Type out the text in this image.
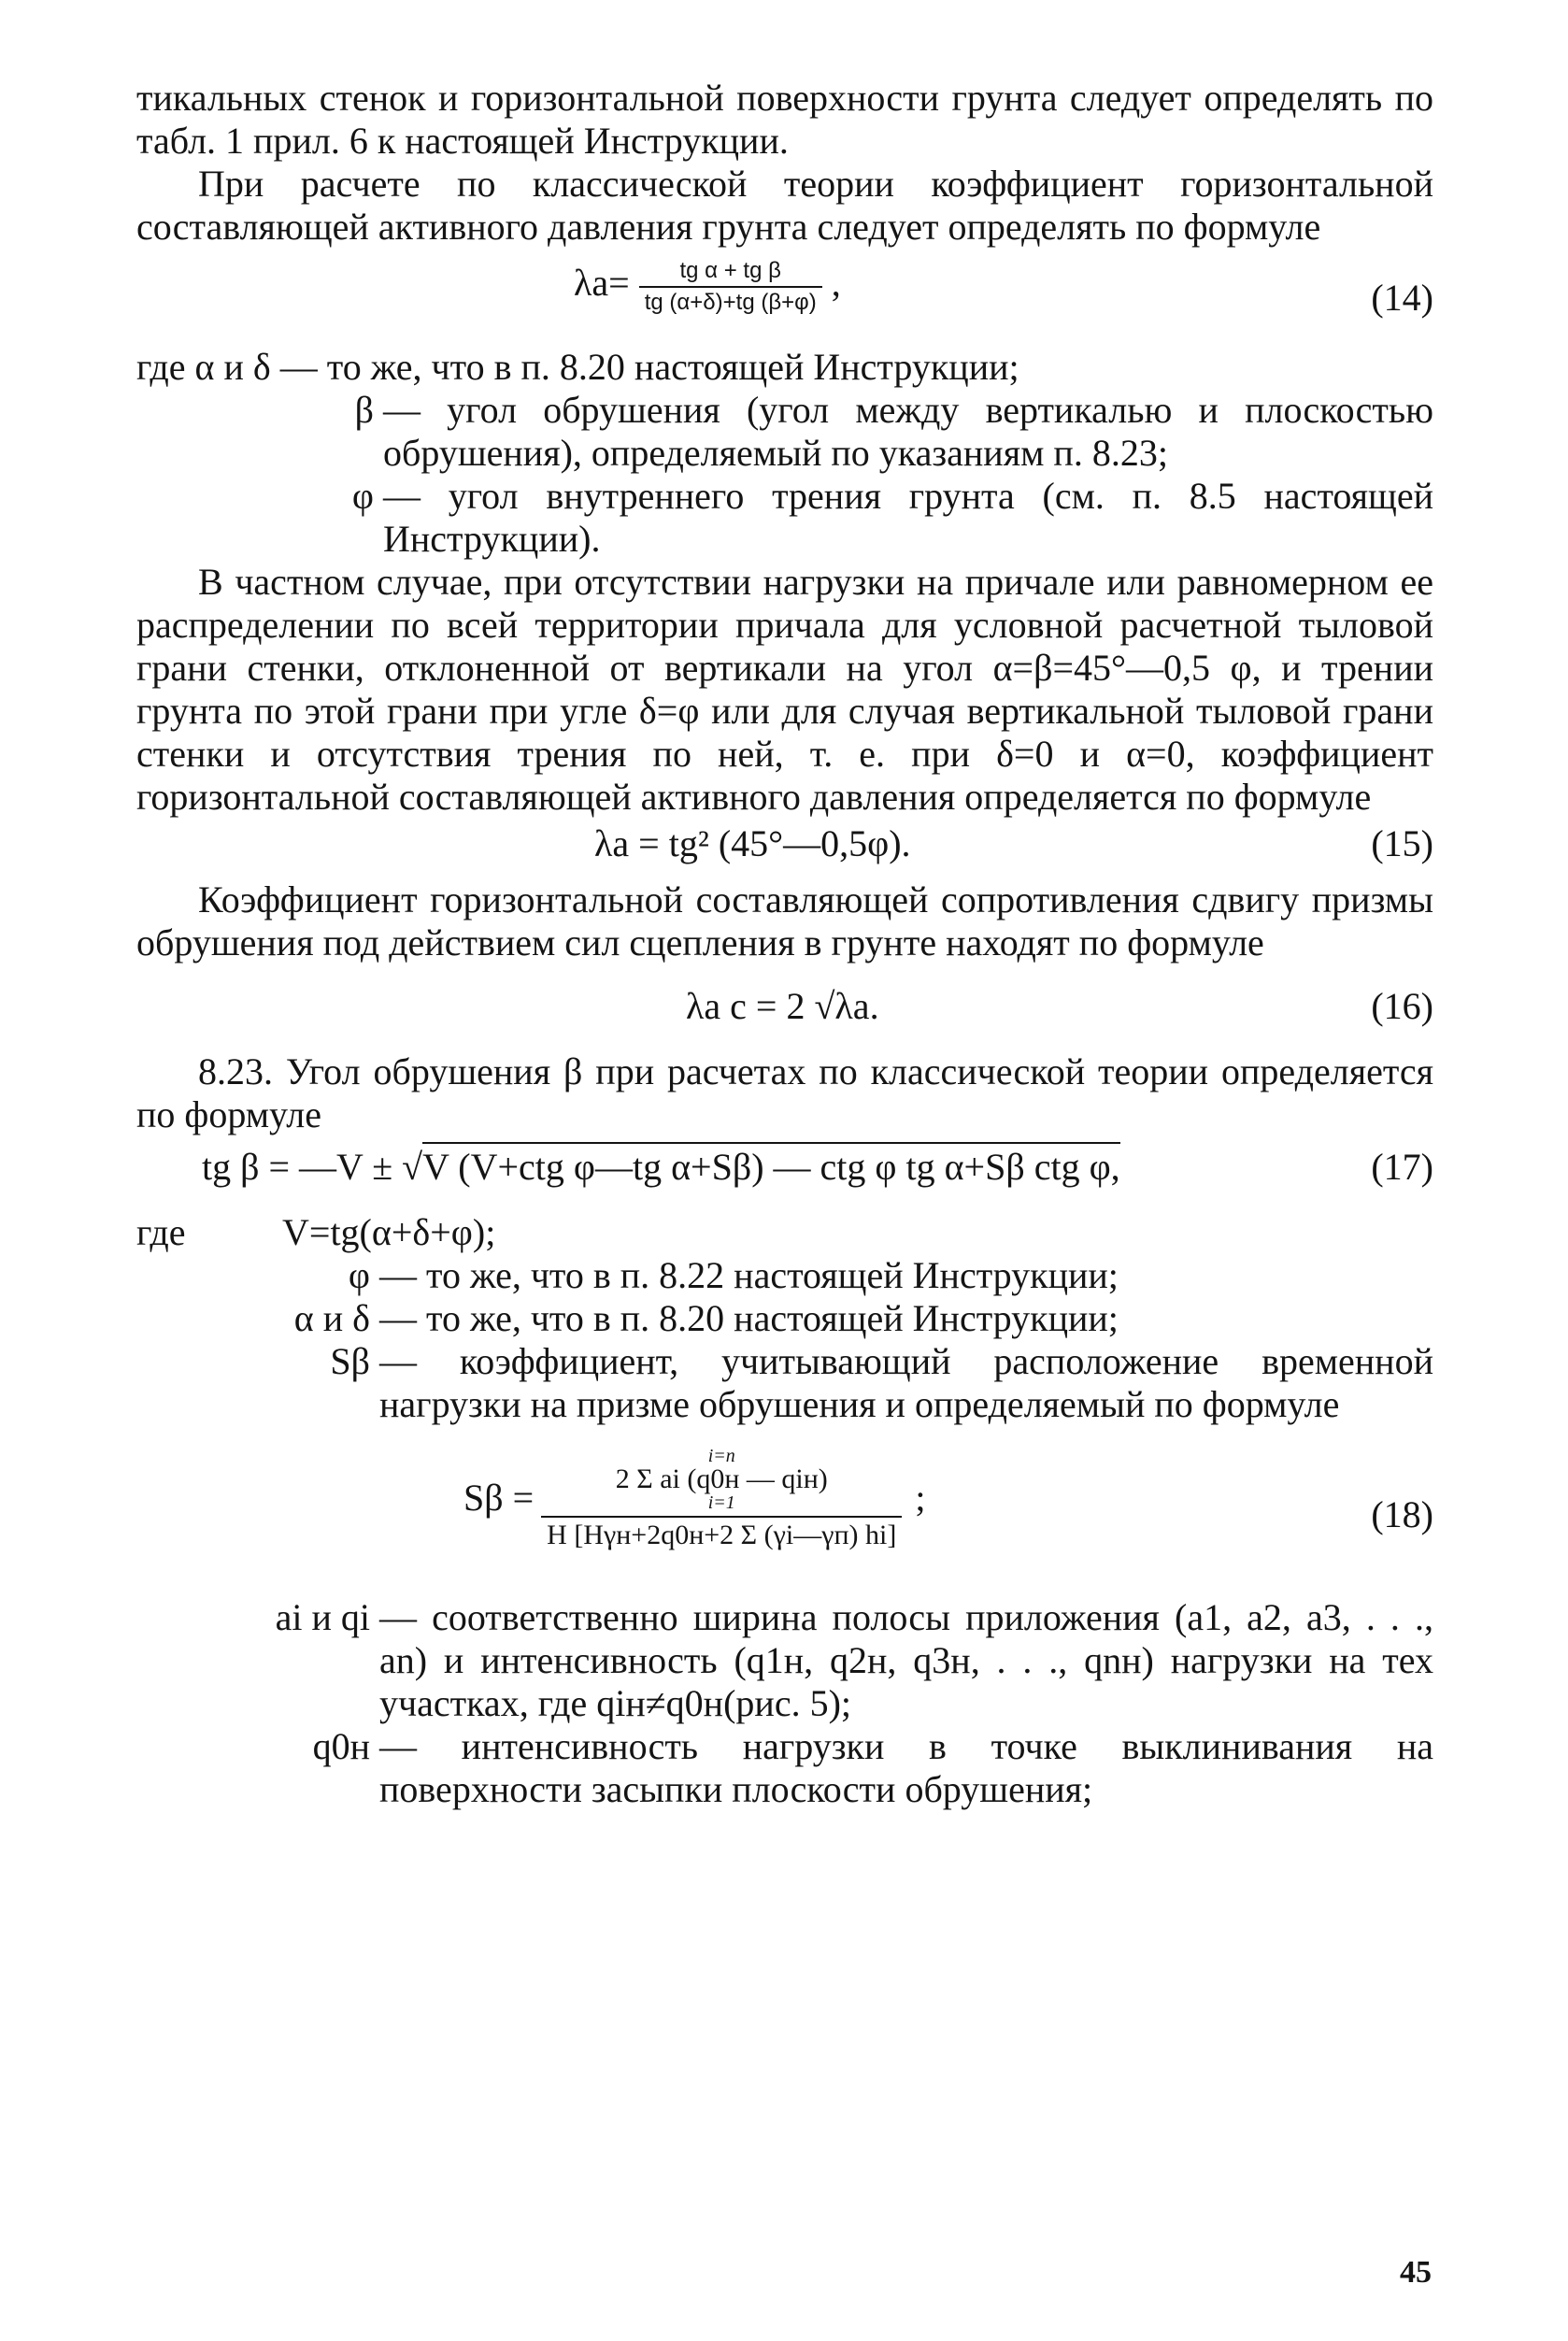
тикальных стенок и горизонтальной поверхности грунта следует определять по табл. 1 прил. 6 к настоящей Инструкции.

При расчете по классической теории коэффициент горизонтальной составляющей активного давления грунта следует определять по формуле

$\lambda a= \frac{\text{tg α + tg β}}{tg (\alpha+\delta)+tg (\beta+\varphi)}$ ,	(14)
где α и δ — то же, что в п. 8.20 настоящей Инструкции;
β — угол обрушения (угол между вертикалью и плоскостью обрушения), определяемый по указаниям п. 8.23;
φ — угол внутреннего трения грунта (см. п. 8.5 настоящей Инструкции).

В частном случае, при отсутствии нагрузки на причале или равномерном ее распределении по всей территории причала для условной расчетной тыловой грани стенки, отклоненной от вертикали на угол α=β=45°—0,5 φ, и трении грунта по этой грани при угле δ=φ или для случая вертикальной тыловой грани стенки и отсутствия трения по ней, т. е. при δ=0 и α=0, коэффициент горизонтальной составляющей активного давления определяется по формуле

λa = tg² (45°—0,5φ).	(15)

Коэффициент горизонтальной составляющей сопротивления сдвигу призмы обрушения под действием сил сцепления в грунте находят по формуле

λa c = 2 √λa.	(16)

8.23. Угол обрушения β при расчетах по классической теории определяется по формуле

tg β = —V ± √V (V+ctg φ—tg α+Sβ) — ctg φ tg α+Sβ ctg φ,	(17)
где	V=tg(α+δ+φ);
φ — то же, что в п. 8.22 настоящей Инструкции;
α и δ — то же, что в п. 8.20 настоящей Инструкции;
Sβ — коэффициент, учитывающий расположение временной нагрузки на призме обрушения и определяемый по формуле
Sβ = i=n
2 Σ ai (q0н — qiн)
i=1
H [Hγн+2q0н+2 Σ (γi—γп) hi] ;	(18)
ai и qi — соответственно ширина полосы приложения (a1, a2, a3, . . ., an) и интенсивность (q1н, q2н, q3н, . . ., qnн) нагрузки на тех участках, где qiн≠q0н(рис. 5);
q0н — интенсивность нагрузки в точке выклинивания на поверхности засыпки плоскости обрушения;
45
